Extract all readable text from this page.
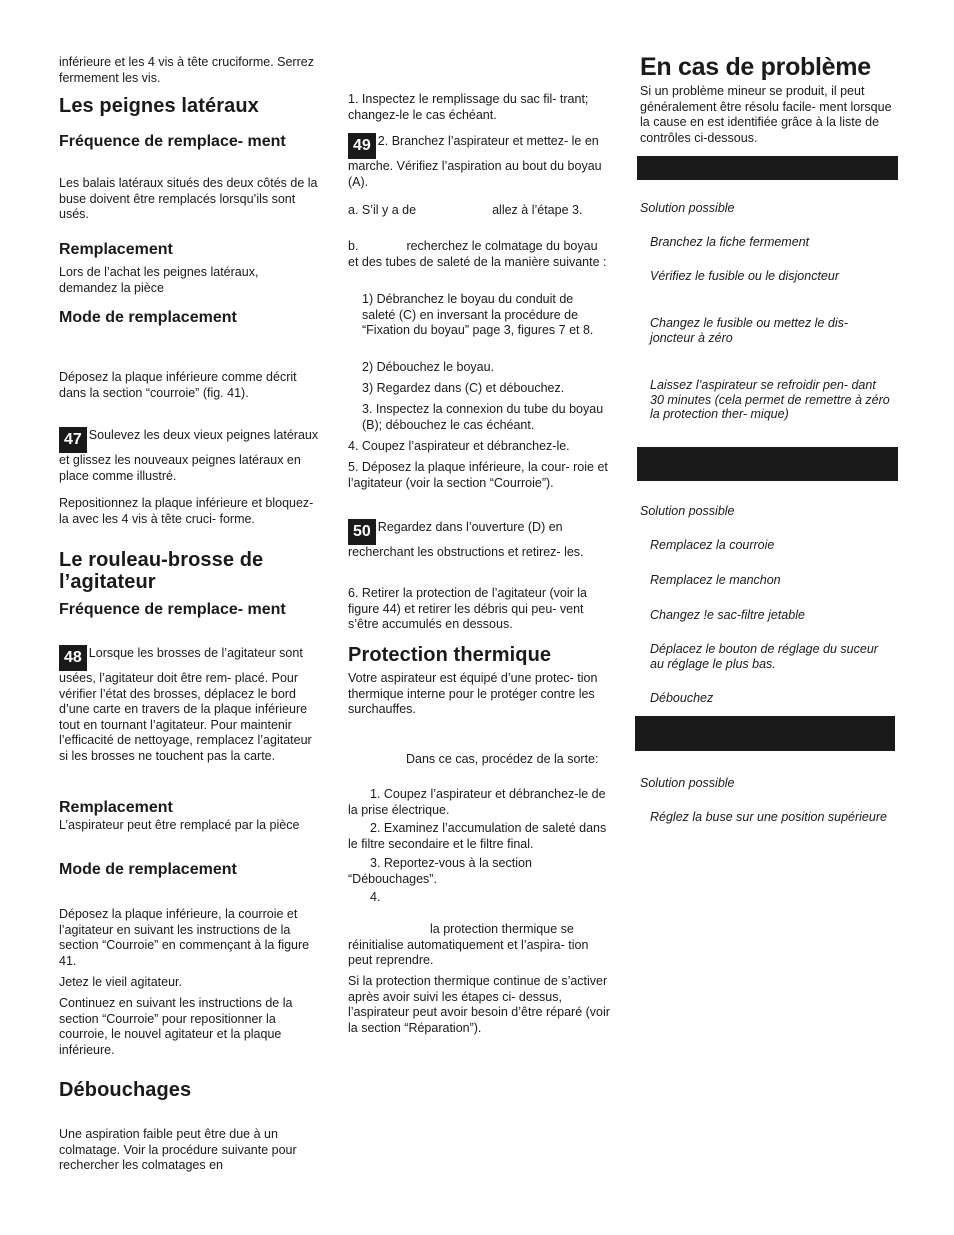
inférieure et les 4 vis à tête cruciforme. Serrez fermement les vis.

Les peignes latéraux
Fréquence de remplace- ment

Les balais latéraux situés des deux côtés de la buse doivent être remplacés lorsqu’ils sont usés.

Remplacement

Lors de l’achat les peignes latéraux, demandez la pièce

Mode de remplacement

Déposez la plaque inférieure comme décrit dans la section “courroie” (fig. 41).

47 Soulevez les deux vieux peignes latéraux et glissez les nouveaux peignes latéraux en place comme illustré.

Repositionnez la plaque inférieure et bloquez-la avec les 4 vis à tête cruci- forme.

Le rouleau-brosse de l’agitateur
Fréquence de remplace- ment

48 Lorsque les brosses de l’agitateur sont usées, l’agitateur doit être rem- placé. Pour vérifier l’état des brosses, déplacez le bord d’une carte en travers de la plaque inférieure tout en tournant l’agitateur. Pour maintenir l’efficacité de nettoyage, remplacez l’agitateur si les brosses ne touchent pas la carte.

Remplacement

L’aspirateur peut être remplacé par la pièce

Mode de remplacement

Déposez la plaque inférieure, la courroie et l’agitateur en suivant les instructions de la section “Courroie” en commençant à la figure 41.

Jetez le vieil agitateur.

Continuez en suivant les instructions de la section “Courroie” pour repositionner la courroie, le nouvel agitateur et la plaque inférieure.

Débouchages

Une aspiration faible peut être due à un colmatage. Voir la procédure suivante pour rechercher les colmatages en

1. Inspectez le remplissage du sac fil- trant; changez-le le cas échéant.

49 2. Branchez l’aspirateur et mettez- le en marche. Vérifiez l’aspiration au bout du boyau (A).

a. S’il y a de	allez à l’étape 3.

b.	recherchez le colmatage du boyau et des tubes de saleté de la manière suivante :

1) Débranchez le boyau du conduit de saleté (C) en inversant la procédure de “Fixation du boyau” page 3, figures 7 et 8.

2) Débouchez le boyau.

3) Regardez dans (C) et débouchez.

3. Inspectez la connexion du tube du boyau (B); débouchez le cas échéant.

4. Coupez l’aspirateur et débranchez-le.

5. Déposez la plaque inférieure, la cour- roie et l’agitateur (voir la section “Courroie”).

50 Regardez dans l’ouverture (D) en recherchant les obstructions et retirez- les.

6. Retirer la protection de l’agitateur (voir la figure 44) et retirer les débris qui peu- vent s’être accumulés en dessous.

Protection thermique

Votre aspirateur est équipé d’une protec- tion thermique interne pour le protéger contre les surchauffes.

Dans ce cas, procédez de la sorte:

1. Coupez l’aspirateur et débranchez-le de la prise électrique.

2. Examinez l’accumulation de saleté dans le filtre secondaire et le filtre final.

3. Reportez-vous à la section “Débouchages”.

4.

la protection thermique se réinitialise automatiquement et l’aspira- tion peut reprendre.

Si la protection thermique continue de s’activer après avoir suivi les étapes ci- dessus, l’aspirateur peut avoir besoin d’être réparé (voir la section “Réparation”).

En cas de problème

Si un problème mineur se produit, il peut généralement être résolu facile- ment lorsque la cause en est identifiée grâce à la liste de contrôles ci-dessous.

Solution possible

Branchez la fiche fermement

Vérifiez le fusible ou le disjoncteur

Changez le fusible ou mettez le dis- joncteur à zéro

Laissez l’aspirateur se refroidir pen- dant 30 minutes (cela permet de remettre à zéro la protection ther- mique)

Solution possible

Remplacez la courroie

Remplacez le manchon

Changez !e sac-filtre jetable

Déplacez le bouton de réglage du suceur au réglage le plus bas.

Débouchez

Solution possible

Réglez la buse sur une position supérieure
